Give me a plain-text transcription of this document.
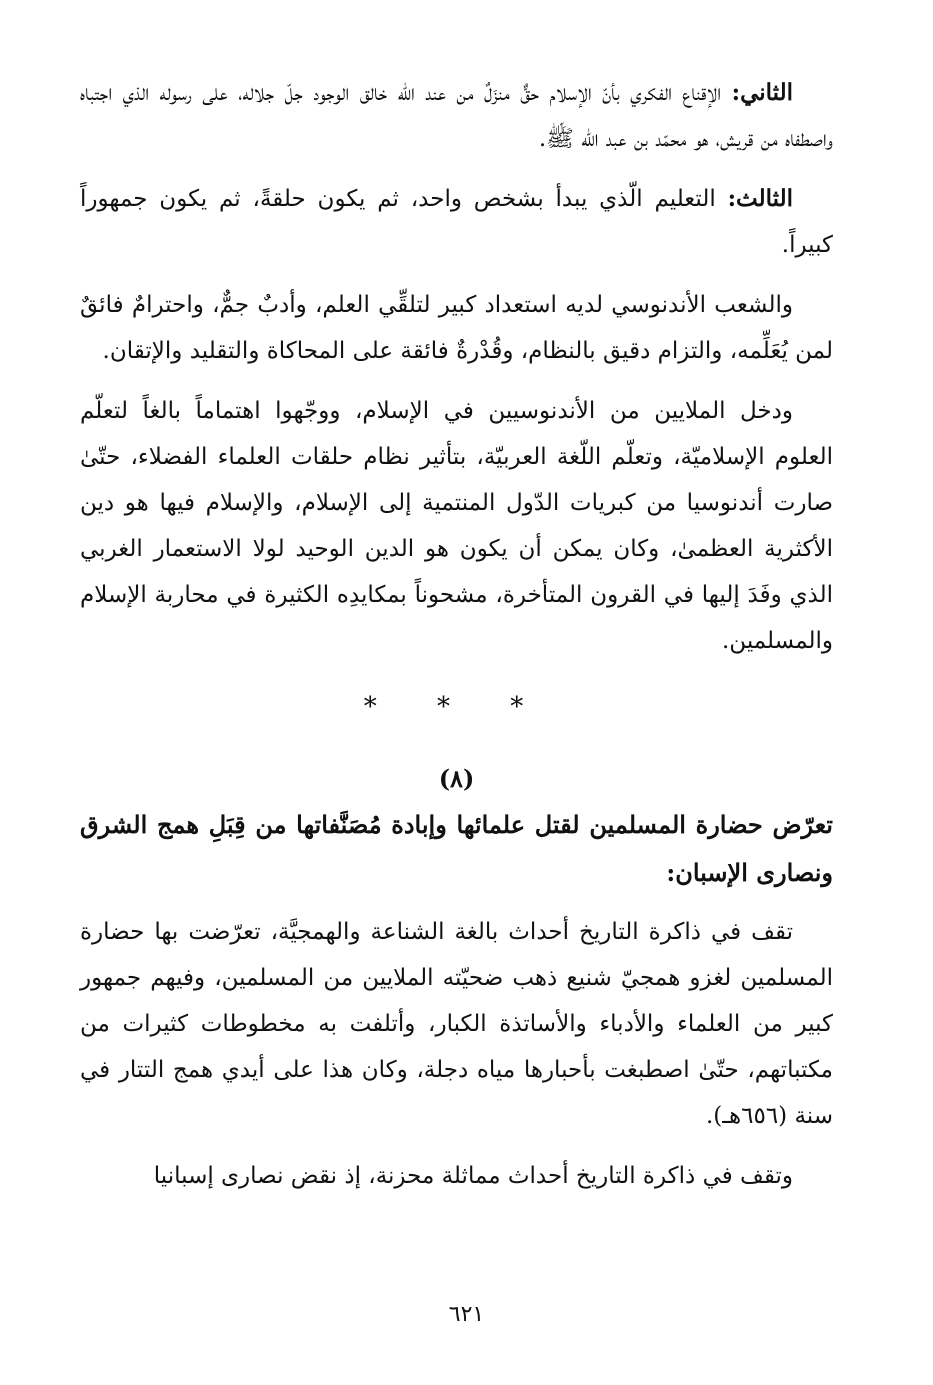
الثاني: الإقناع الفكري بأنّ الإسلام حقٌّ منزَلٌ من عند الله خالق الوجود جلّ جلاله، على رسوله الذي اجتباه واصطفاه من قريش، هو محمّد بن عبد الله ﷺ.

الثالث: التعليم الّذي يبدأ بشخص واحد، ثم يكون حلقةً، ثم يكون جمهوراً كبيراً.

والشعب الأندنوسي لديه استعداد كبير لتلقِّي العلم، وأدبٌ جمٌّ، واحترامٌ فائقٌ لمن يُعَلِّمه، والتزام دقيق بالنظام، وقُدْرةٌ فائقة على المحاكاة والتقليد والإتقان.

ودخل الملايين من الأندنوسيين في الإسلام، ووجّهوا اهتماماً بالغاً لتعلّم العلوم الإسلاميّة، وتعلّم اللّغة العربيّة، بتأثير نظام حلقات العلماء الفضلاء، حتّىٰ صارت أندنوسيا من كبريات الدّول المنتمية إلى الإسلام، والإسلام فيها هو دين الأكثرية العظمىٰ، وكان يمكن أن يكون هو الدين الوحيد لولا الاستعمار الغربي الذي وفَدَ إليها في القرون المتأخرة، مشحوناً بمكايدِه الكثيرة في محاربة الإسلام والمسلمين.

* * *
(٨)
تعرّض حضارة المسلمين لقتل علمائها وإبادة مُصَنَّفاتها من قِبَلِ همج الشرق ونصارى الإسبان:

تقف في ذاكرة التاريخ أحداث بالغة الشناعة والهمجيَّة، تعرّضت بها حضارة المسلمين لغزو همجيّ شنيع ذهب ضحيّته الملايين من المسلمين، وفيهم جمهور كبير من العلماء والأدباء والأساتذة الكبار، وأتلفت به مخطوطات كثيرات من مكتباتهم، حتّىٰ اصطبغت بأحبارها مياه دجلة، وكان هذا على أيدي همج التتار في سنة (٦٥٦هـ).

وتقف في ذاكرة التاريخ أحداث مماثلة محزنة، إذ نقض نصارى إسبانيا

٦٢١
